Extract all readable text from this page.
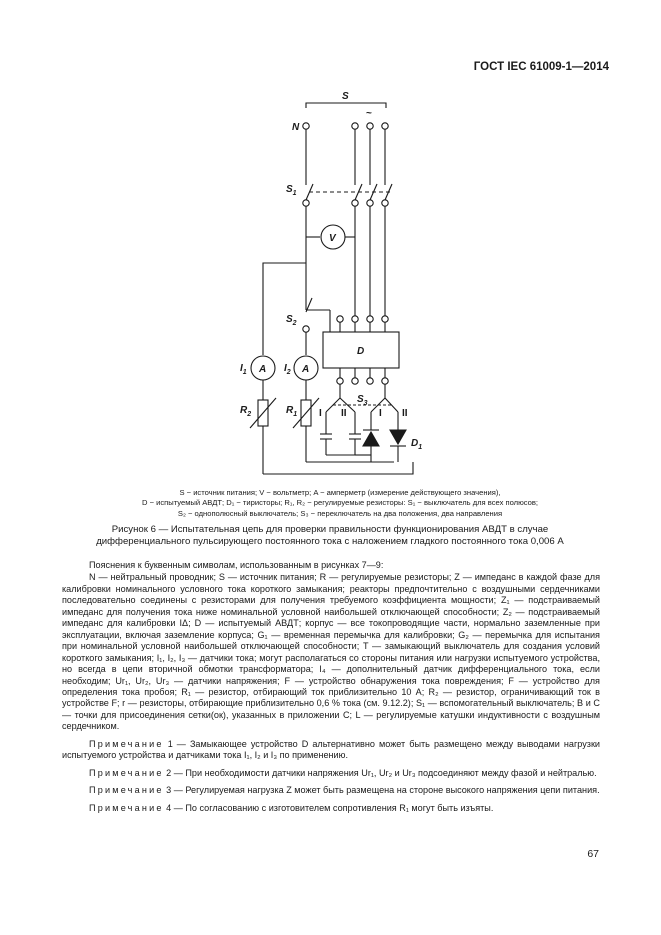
ГОСТ IEC 61009-1—2014
S
N
~
$S_1$
V
$S_2$
D
$I_1$ A $I_2$ A
$R_2$	$R_1$
$S_3$
I II	I II
$D_1$
S − источник питания; V − вольтметр; A − амперметр (измерение действующего значения),
D − испытуемый АВДТ; D₁ − тиристоры; R₁, R₂ − регулируемые резисторы: S₁ − выключатель для всех полюсов;
S₂ − однополюсный выключатель; S₃ − переключатель на два положения, два направления
Рисунок 6 — Испытательная цепь для проверки правильности функционирования АВДТ в случае
дифференциального пульсирующего постоянного тока с наложением гладкого постоянного тока 0,006 А

Пояснения к буквенным символам, использованным в рисунках 7—9:

N — нейтральный проводник; S — источник питания; R — регулируемые резисторы; Z — импеданс в каждой фазе для калибровки номинального условного тока короткого замыкания; реакторы предпочтительно с воздушными сердечниками последовательно соединены с резисторами для получения требуемого коэффициента мощности; Z₁ — подстраиваемый импеданс для получения тока ниже номинальной условной наибольшей отключающей способности; Z₂ — подстраиваемый импеданс для калибровки IΔ; D — испытуемый АВДТ; корпус — все токопроводящие части, нормально заземленные при эксплуатации, включая заземление корпуса; G₁ — временная перемычка для калибровки; G₂ — перемычка для испытания при номинальной условной наибольшей отключающей способности; T — замыкающий выключатель для создания условий короткого замыкания; I₁, I₂, I₃ — датчики тока; могут располагаться со стороны питания или нагрузки испытуемого устройства, но всегда в цепи вторичной обмотки трансформатора; I₄ — дополнительный датчик дифференциального тока, если необходим; Ur₁, Ur₂, Ur₃ — датчики напряжения; F — устройство обнаружения тока повреждения; F — устройство для определения тока пробоя; R₁ — резистор, отбирающий ток приблизительно 10 А; R₂ — резистор, ограничивающий ток в устройстве F; r — резисторы, отбирающие приблизительно 0,6 % тока (см. 9.12.2); S₁ — вспомогательный выключатель; B и C — точки для присоединения сетки(ок), указанных в приложении C; L — регулируемые катушки индуктивности с воздушным сердечником.

Примечание 1 — Замыкающее устройство D альтернативно может быть размещено между выводами нагрузки испытуемого устройства и датчиками тока I₁, I₂ и I₃ по применению.

Примечание 2 — При необходимости датчики напряжения Ur₁, Ur₂ и Ur₃ подсоединяют между фазой и нейтралью.

Примечание 3 — Регулируемая нагрузка Z может быть размещена на стороне высокого напряжения цепи питания.

Примечание 4 — По согласованию с изготовителем сопротивления R₁ могут быть изъяты.

67
